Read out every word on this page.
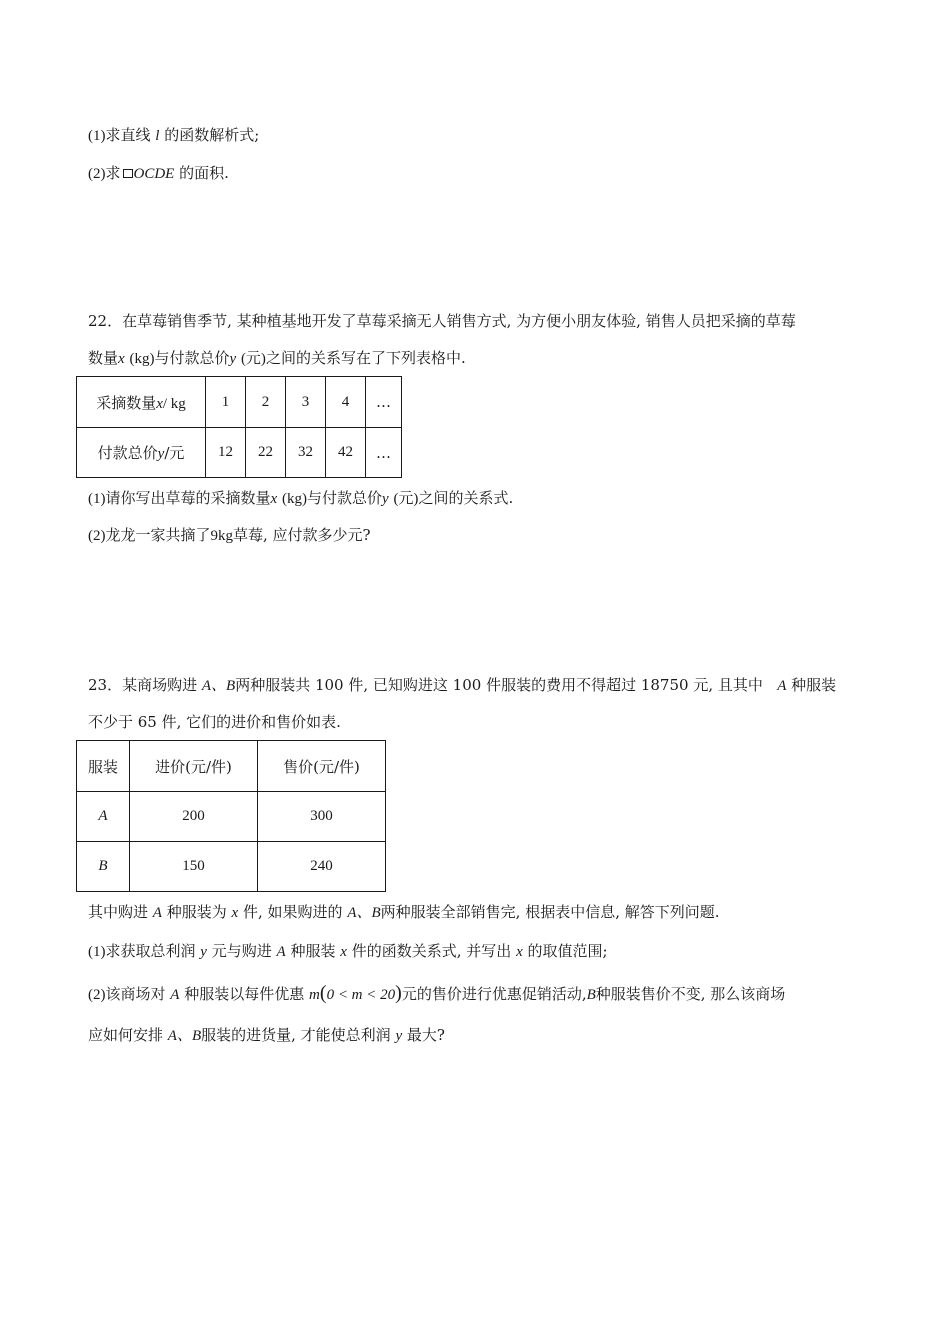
(1)求直线 l 的函数解析式;
(2)求 OCDE 的面积.
22．在草莓销售季节, 某种植基地开发了草莓采摘无人销售方式, 为方便小朋友体验, 销售人员把采摘的草莓
数量x (kg)与付款总价y (元)之间的关系写在了下列表格中.
采摘数量x/ kg	1	2	3	4	…
付款总价y/元	12	22	32	42	…
(1)请你写出草莓的采摘数量x (kg)与付款总价y (元)之间的关系式.
(2)龙龙一家共摘了9kg草莓, 应付款多少元?
23．某商场购进 A、B两种服装共 100 件, 已知购进这 100 件服装的费用不得超过 18750 元, 且其中 A 种服装
不少于 65 件, 它们的进价和售价如表.
服装	进价(元/件)	售价(元/件)
A	200	300
B	150	240
其中购进 A 种服装为 x 件, 如果购进的 A、B两种服装全部销售完, 根据表中信息, 解答下列问题.
(1)求获取总利润 y 元与购进 A 种服装 x 件的函数关系式, 并写出 x 的取值范围;
(2)该商场对 A 种服装以每件优惠 m(0 < m < 20)元的售价进行优惠促销活动,B种服装售价不变, 那么该商场
应如何安排 A、B服装的进货量, 才能使总利润 y 最大?
